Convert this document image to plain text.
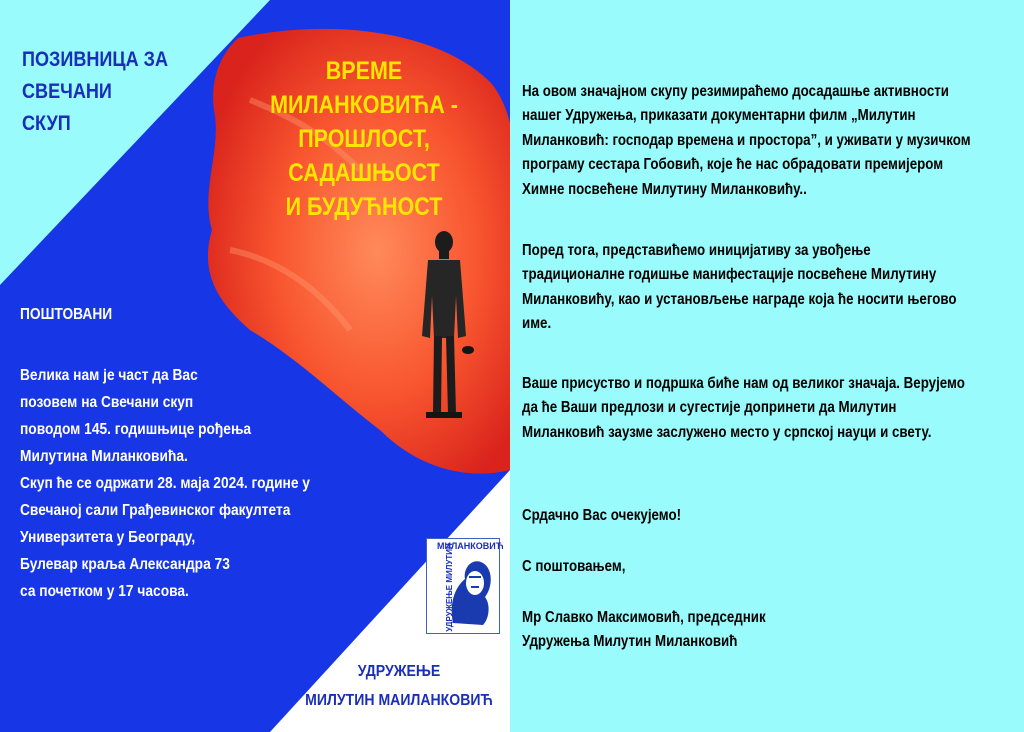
ПОЗИВНИЦА ЗА
СВЕЧАНИ
СКУП
ВРЕМЕ
МИЛАНКОВИЋА -
ПРОШЛОСТ,
САДАШЊОСТ
И БУДУЋНОСТ
ПОШТОВАНИ
Велика нам је част да Вас
позовем на Свечани скуп
поводом 145. годишњице рођења
Милутина Миланковића.
Скуп ће се одржати 28. маја 2024. године у
Свечаној сали Грађевинског факултета
Универзитета у Београду,
Булевар краља Александра 73
са почетком у 17 часова.
МИЛАНКОВИЋ
УДРУЖЕЊЕ МИЛУТИН
УДРУЖЕЊЕ
МИЛУТИН МАИЛАНКОВИЋ
На овом значајном скупу резимираћемо досадашње активности
нашег Удружења, приказати документарни филм „Милутин
Миланковић: господар времена и простора”, и уживати у музичком
програму сестара Гобовић, које ће нас обрадовати премијером
Химне посвећене Милутину Миланковићу..
Поред тога, представићемо иницијативу за увођење
традиционалне годишње манифестације посвећене Милутину
Миланковићу, као и установљење награде која ће носити његово
име.
Ваше присуство и подршка биће нам од великог значаја. Верујемо
да ће Ваши предлози и сугестије допринети да Милутин
Миланковић заузме заслужено место у српској науци и свету.
Срдачно Вас очекујемо!
С поштовањем,
Мр Славко Максимовић, председник
Удружења Милутин Миланковић
